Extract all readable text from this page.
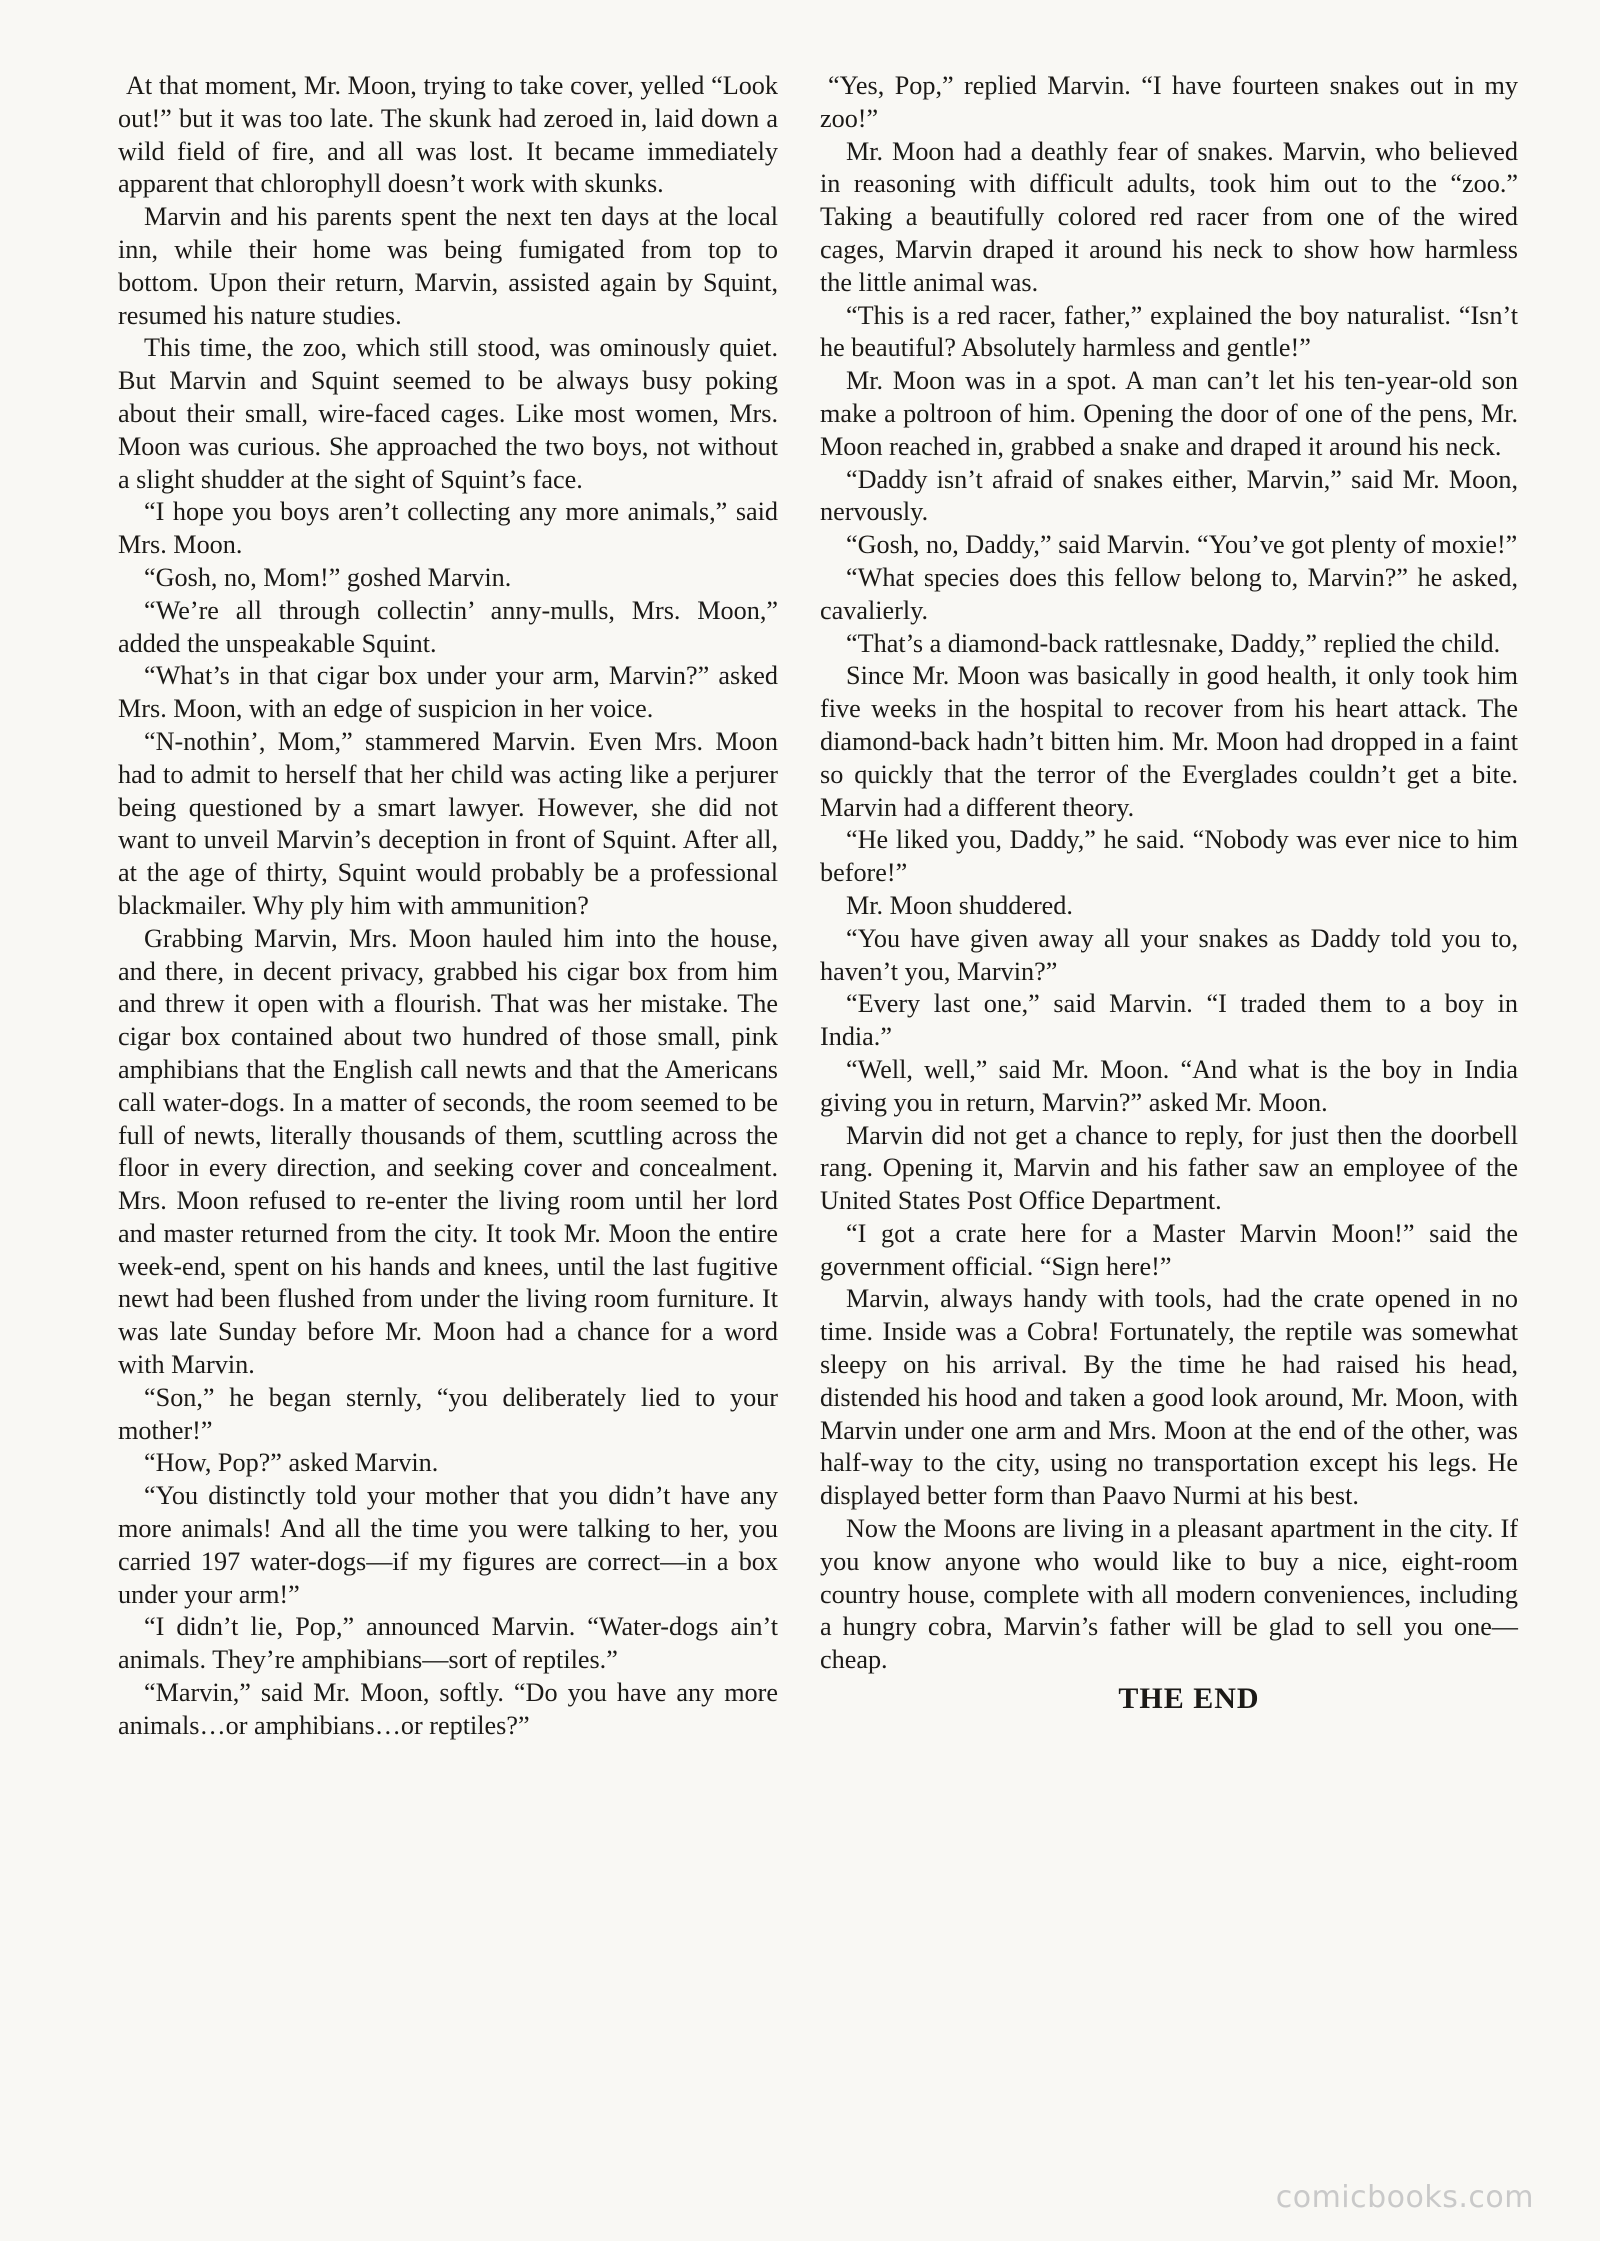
At that moment, Mr. Moon, trying to take cover, yelled “Look out!” but it was too late. The skunk had zeroed in, laid down a wild field of fire, and all was lost. It became immediately apparent that chlorophyll doesn’t work with skunks.

Marvin and his parents spent the next ten days at the local inn, while their home was being fumigated from top to bottom. Upon their return, Marvin, assisted again by Squint, resumed his nature studies.

This time, the zoo, which still stood, was ominously quiet. But Marvin and Squint seemed to be always busy poking about their small, wire-faced cages. Like most women, Mrs. Moon was curious. She approached the two boys, not without a slight shudder at the sight of Squint’s face.

“I hope you boys aren’t collecting any more animals,” said Mrs. Moon.

“Gosh, no, Mom!” goshed Marvin.

“We’re all through collectin’ anny-mulls, Mrs. Moon,” added the unspeakable Squint.

“What’s in that cigar box under your arm, Marvin?” asked Mrs. Moon, with an edge of suspicion in her voice.

“N-nothin’, Mom,” stammered Marvin. Even Mrs. Moon had to admit to herself that her child was acting like a perjurer being questioned by a smart lawyer. However, she did not want to unveil Marvin’s deception in front of Squint. After all, at the age of thirty, Squint would probably be a professional blackmailer. Why ply him with ammunition?

Grabbing Marvin, Mrs. Moon hauled him into the house, and there, in decent privacy, grabbed his cigar box from him and threw it open with a flourish. That was her mistake. The cigar box contained about two hundred of those small, pink amphibians that the English call newts and that the Americans call water-dogs. In a matter of seconds, the room seemed to be full of newts, literally thousands of them, scuttling across the floor in every direction, and seeking cover and concealment. Mrs. Moon refused to re-enter the living room until her lord and master returned from the city. It took Mr. Moon the entire week-end, spent on his hands and knees, until the last fugitive newt had been flushed from under the living room furniture. It was late Sunday before Mr. Moon had a chance for a word with Marvin.

“Son,” he began sternly, “you deliberately lied to your mother!”

“How, Pop?” asked Marvin.

“You distinctly told your mother that you didn’t have any more animals! And all the time you were talking to her, you carried 197 water-dogs—if my figures are correct—in a box under your arm!”

“I didn’t lie, Pop,” announced Marvin. “Water-dogs ain’t animals. They’re amphibians—sort of reptiles.”

“Marvin,” said Mr. Moon, softly. “Do you have any more animals…or amphibians…or reptiles?”

“Yes, Pop,” replied Marvin. “I have fourteen snakes out in my zoo!”

Mr. Moon had a deathly fear of snakes. Marvin, who believed in reasoning with difficult adults, took him out to the “zoo.” Taking a beautifully colored red racer from one of the wired cages, Marvin draped it around his neck to show how harmless the little animal was.

“This is a red racer, father,” explained the boy naturalist. “Isn’t he beautiful? Absolutely harmless and gentle!”

Mr. Moon was in a spot. A man can’t let his ten-year-old son make a poltroon of him. Opening the door of one of the pens, Mr. Moon reached in, grabbed a snake and draped it around his neck.

“Daddy isn’t afraid of snakes either, Marvin,” said Mr. Moon, nervously.

“Gosh, no, Daddy,” said Marvin. “You’ve got plenty of moxie!”

“What species does this fellow belong to, Marvin?” he asked, cavalierly.

“That’s a diamond-back rattlesnake, Daddy,” replied the child.

Since Mr. Moon was basically in good health, it only took him five weeks in the hospital to recover from his heart attack. The diamond-back hadn’t bitten him. Mr. Moon had dropped in a faint so quickly that the terror of the Everglades couldn’t get a bite. Marvin had a different theory.

“He liked you, Daddy,” he said. “Nobody was ever nice to him before!”

Mr. Moon shuddered.

“You have given away all your snakes as Daddy told you to, haven’t you, Marvin?”

“Every last one,” said Marvin. “I traded them to a boy in India.”

“Well, well,” said Mr. Moon. “And what is the boy in India giving you in return, Marvin?” asked Mr. Moon.

Marvin did not get a chance to reply, for just then the doorbell rang. Opening it, Marvin and his father saw an employee of the United States Post Office Department.

“I got a crate here for a Master Marvin Moon!” said the government official. “Sign here!”

Marvin, always handy with tools, had the crate opened in no time. Inside was a Cobra! Fortunately, the reptile was somewhat sleepy on his arrival. By the time he had raised his head, distended his hood and taken a good look around, Mr. Moon, with Marvin under one arm and Mrs. Moon at the end of the other, was half-way to the city, using no transportation except his legs. He displayed better form than Paavo Nurmi at his best.

Now the Moons are living in a pleasant apartment in the city. If you know anyone who would like to buy a nice, eight-room country house, complete with all modern conveniences, including a hungry cobra, Marvin’s father will be glad to sell you one—cheap.

THE END
comicbooks.com
